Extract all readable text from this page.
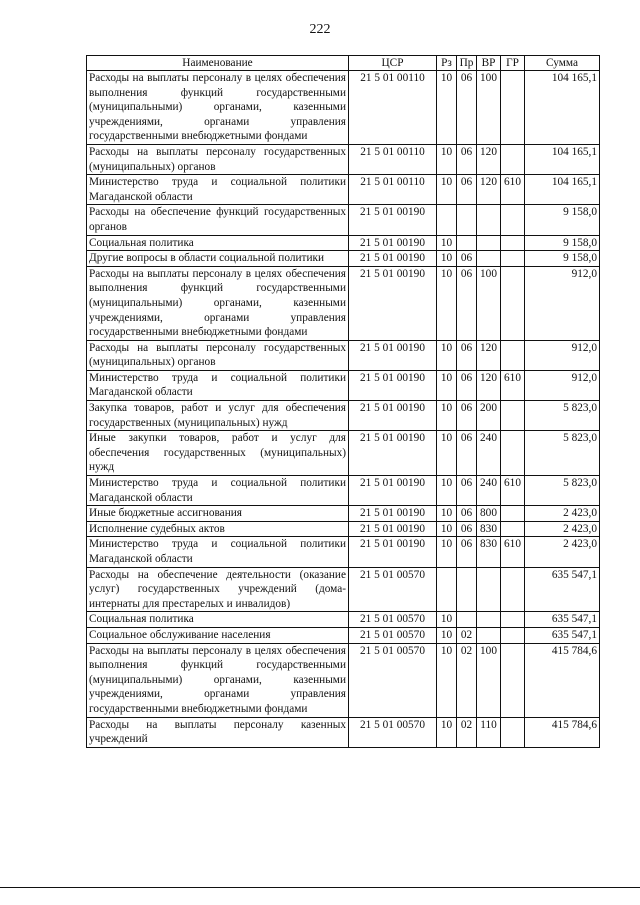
222
Наименование	ЦСР	Рз	Пр	ВР	ГР	Сумма
Расходы на выплаты персоналу в целях обеспечения выполнения функций государственными (муниципальными) органами, казенными учреждениями, органами управления государственными внебюджетными фондами	21 5 01 00110	10	06	100		104 165,1
Расходы на выплаты персоналу государственных (муниципальных) органов	21 5 01 00110	10	06	120		104 165,1
Министерство труда и социальной политики Магаданской области	21 5 01 00110	10	06	120	610	104 165,1
Расходы на обеспечение функций государственных органов	21 5 01 00190					9 158,0
Социальная политика	21 5 01 00190	10				9 158,0
Другие вопросы в области социальной политики	21 5 01 00190	10	06			9 158,0
Расходы на выплаты персоналу в целях обеспечения выполнения функций государственными (муниципальными) органами, казенными учреждениями, органами управления государственными внебюджетными фондами	21 5 01 00190	10	06	100		912,0
Расходы на выплаты персоналу государственных (муниципальных) органов	21 5 01 00190	10	06	120		912,0
Министерство труда и социальной политики Магаданской области	21 5 01 00190	10	06	120	610	912,0
Закупка товаров, работ и услуг для обеспечения государственных (муниципальных) нужд	21 5 01 00190	10	06	200		5 823,0
Иные закупки товаров, работ и услуг для обеспечения государственных (муниципальных) нужд	21 5 01 00190	10	06	240		5 823,0
Министерство труда и социальной политики Магаданской области	21 5 01 00190	10	06	240	610	5 823,0
Иные бюджетные ассигнования	21 5 01 00190	10	06	800		2 423,0
Исполнение судебных актов	21 5 01 00190	10	06	830		2 423,0
Министерство труда и социальной политики Магаданской области	21 5 01 00190	10	06	830	610	2 423,0
Расходы на обеспечение деятельности (оказание услуг) государственных учреждений (дома-интернаты для престарелых и инвалидов)	21 5 01 00570					635 547,1
Социальная политика	21 5 01 00570	10				635 547,1
Социальное обслуживание населения	21 5 01 00570	10	02			635 547,1
Расходы на выплаты персоналу в целях обеспечения выполнения функций государственными (муниципальными) органами, казенными учреждениями, органами управления государственными внебюджетными фондами	21 5 01 00570	10	02	100		415 784,6
Расходы на выплаты персоналу казенных учреждений	21 5 01 00570	10	02	110		415 784,6
